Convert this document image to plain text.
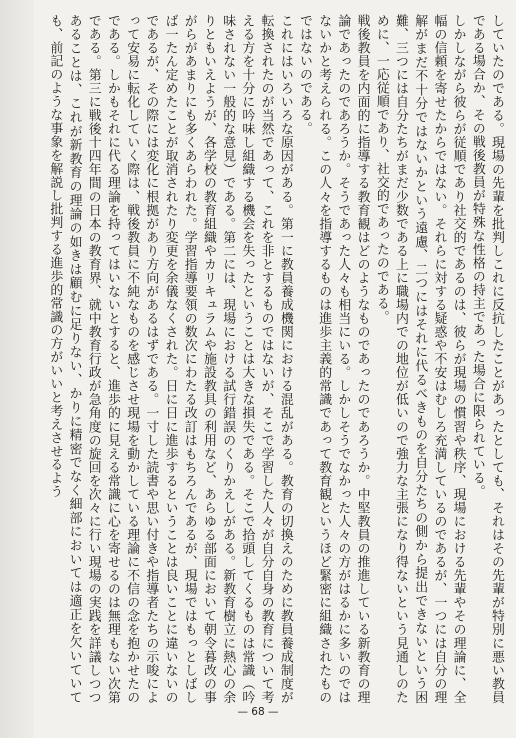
していたのである。現場の先輩を批判しこれに反抗したことがあったとしても、それはその先輩が特別に悪い教員である場合か、その戦後教員が特殊な性格の持主であった場合に限られている。

しかしながら彼らが従順であり社交的であるのは、彼らが現場の慣習や秩序、現場における先輩やその理論に、全幅の信頼を寄せたからではない。それらに対する疑惑や不安はむしろ充満しているのであるが、一つには自分の理解がまだ不十分ではないかという遠慮、二つにはそれに代るべきものを自分たちの側から提出できないという困難、三つには自分たちがまだ少数である上に職場内での地位が低いので強力な主張になり得ないという見通しのために、一応従順であり、社交的であったのである。

戦後教員を内面的に指導する教育観はどのようなものであったのであろうか。中堅教員の推進している新教育の理論であったのであろうか。そうであった人々も相当にいる。しかしそうでなかった人々の方がはるかに多いのではないかと考えられる。この人々を指導するものは進歩主義的常識であって教育観というほど緊密に組織されたものではないのである。

これにはいろいろな原因がある。第一に教員養成機関における混乱がある。教育の切換えのために教員養成制度が転換されたのが当然であって、これを非とするものではないが、そこで学習した人々が自分自身の教育について考える方を十分に吟味し組織する機会を失ったということは大きな損失である。そこで拾頭してくるものは常識（吟味されない一般的な意見）である。第二には、現場における試行錯誤のくりかえしがある。新教育樹立に熱心の余りともいえようが、各学校の教育組織やカリキュラムや施設教具の利用など、あらゆる部面において朝令暮改の事がらがあまりにも多くあらわれた。学習指導要領の数次にわたる改訂はもちろんであるが、現場ではもっとしばしば一たん定めたことが取消されたり変更を余儀なくされた。日に日に進歩するということは良いことに違いないのであるが、その際には変化に根拠があり方向があるはずである。一寸した読書や思い付きや指導者たちの示唆によって安易に転化していく際は、戦後教員に不純なものを感じさせ現場を動かしている理論に不信の念を抱かせたのである。しかもそれに代る理論を持ってはいないとすると、進歩的に見える常識に心を寄せるのは無理もない次第である。第三に戦後十四年間の日本の教育界、就中教育行政が急角度の旋回を次々に行い現場の実践を詳議しつつあることは、これが新教育の理論の如きは顧むに足りない、かりに精密でなく細部においては適正を欠いていても、前記のような事象を解説し批判する進歩的常識の方がいいと考えさせるよう

— 68 —
